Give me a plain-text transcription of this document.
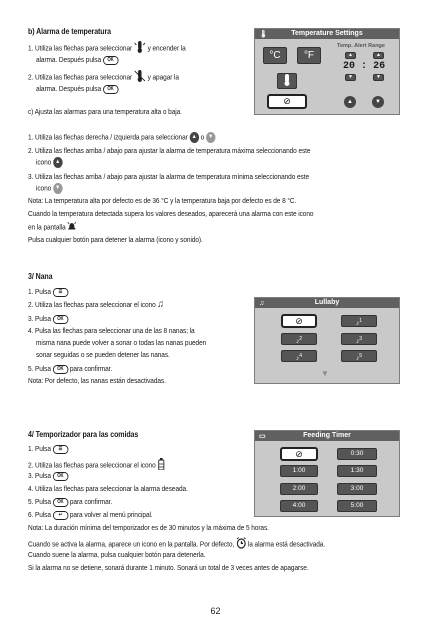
b) Alarma de temperatura
1. Utiliza las flechas para seleccionar y encender la
alarma. Después pulsa OK
2. Utiliza las flechas para seleccionar y apagar la
alarma. Después pulsa OK
c) Ajusta las alarmas para una temperatura alta o baja.
1. Utiliza las flechas derecha / izquierda para seleccionar ▲ o ▼
2. Utiliza las flechas arriba / abajo para ajustar la alarma de temperatura máxima seleccionando este
icono ▲
3. Utiliza las flechas arriba / abajo para ajustar la alarma de temperatura mínima seleccionando este
icono ▼
Nota: La temperatura alta por defecto es de 36 °C y la temperatura baja por defecto es de 8 °C.
Cuando la temperatura detectada supera los valores deseados, aparecerá una alarma con este icono
en la pantalla
Pulsa cualquier botón para detener la alarma (icono y sonido).
🌡	Temperature Settings
°C	°F
Temp. Alert Range
▲	▲
20 : 26
▼	▼
⊘	▲	▼
3/ Nana
1. Pulsa ☰
2. Utiliza las flechas para seleccionar el icono ♫
3. Pulsa OK
4. Pulsa las flechas para seleccionar una de las 8 nanas; la
misma nana puede volver a sonar o todas las nanas pueden
sonar seguidas o se pueden detener las nanas.
5. Pulsa OK para confirmar.
Nota: Por defecto, las nanas están desactivadas.
♫	Lullaby
⊘	♪$^1$
♪$^2$	♪$^3$
♪$^4$	♪$^5$
▼
4/ Temporizador para las comidas
1. Pulsa ☰
2. Utiliza las flechas para seleccionar el icono
3. Pulsa OK
4. Utiliza las flechas para seleccionar la alarma deseada.
5. Pulsa OK para confirmar.
6. Pulsa ↩ para volver al menú principal.
Nota: La duración mínima del temporizador es de 30 minutos y la máxima de 5 horas.
Cuando se activa la alarma, aparece un icono en la pantalla. Por defecto, la alarma está desactivada.
Cuando suene la alarma, pulsa cualquier botón para detenerla.
Si la alarma no se detiene, sonará durante 1 minuto. Sonará un total de 3 veces antes de apagarse.
▭	Feeding Timer
⊘	0:30
1:00	1:30
2:00	3:00
4:00	5:00
62
